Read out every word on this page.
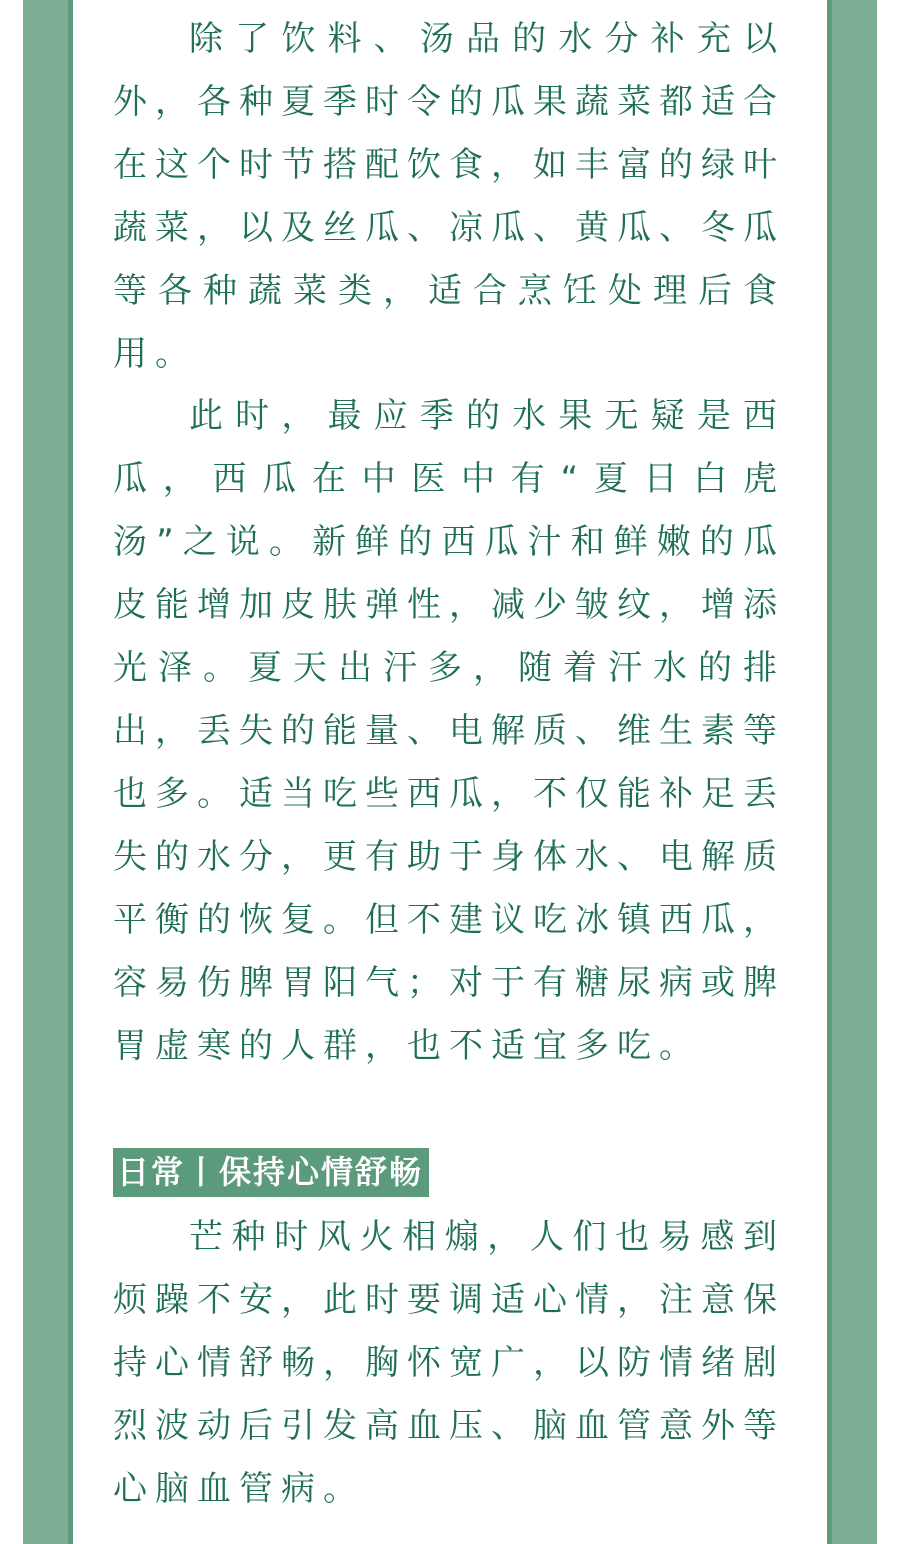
除了饮料、汤品的水分补充以外，各种夏季时令的瓜果蔬菜都适合在这个时节搭配饮食，如丰富的绿叶蔬菜，以及丝瓜、凉瓜、黄瓜、冬瓜等各种蔬菜类，适合烹饪处理后食用。

此时，最应季的水果无疑是西瓜，西瓜在中医中有“夏日白虎汤”之说。新鲜的西瓜汁和鲜嫩的瓜皮能增加皮肤弹性，减少皱纹，增添光泽。夏天出汗多，随着汗水的排出，丢失的能量、电解质、维生素等也多。适当吃些西瓜，不仅能补足丢失的水分，更有助于身体水、电解质平衡的恢复。但不建议吃冰镇西瓜，容易伤脾胃阳气；对于有糖尿病或脾胃虚寒的人群，也不适宜多吃。

日常丨保持心情舒畅

芒种时风火相煽，人们也易感到烦躁不安，此时要调适心情，注意保持心情舒畅，胸怀宽广，以防情绪剧烈波动后引发高血压、脑血管意外等心脑血管病。
